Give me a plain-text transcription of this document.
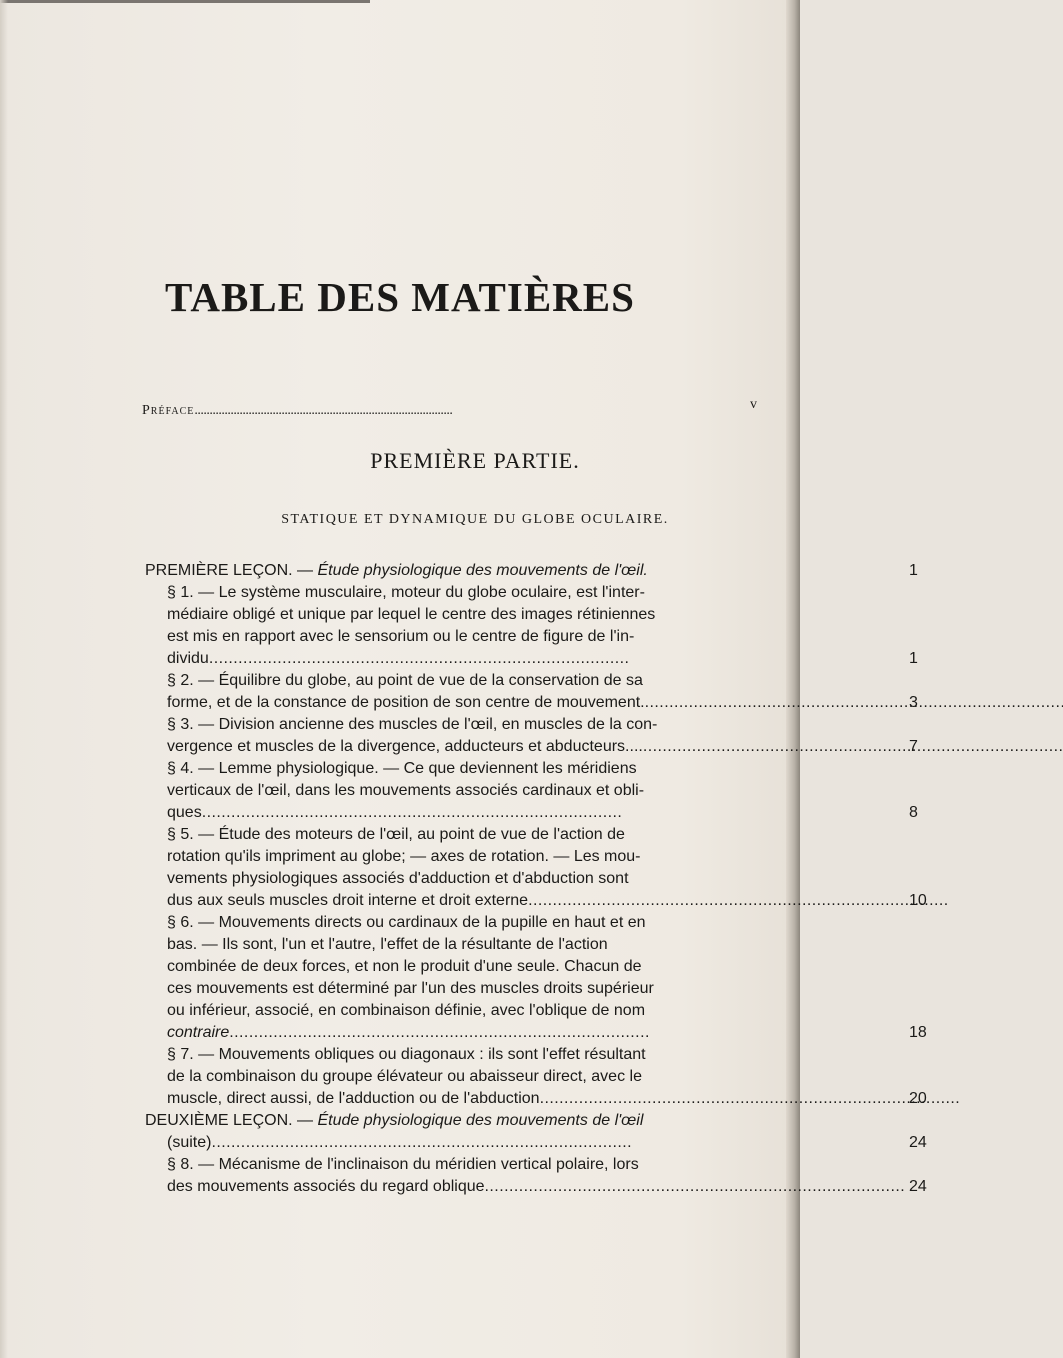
TABLE DES MATIÈRES
Préface . . .	v
PREMIÈRE PARTIE.
STATIQUE ET DYNAMIQUE DU GLOBE OCULAIRE.
PREMIÈRE LEÇON. — Étude physiologique des mouvements de l'œil.	1
§ 1. — Le système musculaire, moteur du globe oculaire, est l'inter-
médiaire obligé et unique par lequel le centre des images rétiniennes
est mis en rapport avec le sensorium ou le centre de figure de l'in-
dividu . . .	1
§ 2. — Équilibre du globe, au point de vue de la conservation de sa
forme, et de la constance de position de son centre de mouvement. . . .	3
§ 3. — Division ancienne des muscles de l'œil, en muscles de la con-
vergence et muscles de la divergence, adducteurs et abducteurs.... . . .	7
§ 4. — Lemme physiologique. — Ce que deviennent les méridiens
verticaux de l'œil, dans les mouvements associés cardinaux et obli-
ques . . .	8
§ 5. — Étude des moteurs de l'œil, au point de vue de l'action de
rotation qu'ils impriment au globe; — axes de rotation. — Les mou-
vements physiologiques associés d'adduction et d'abduction sont
dus aux seuls muscles droit interne et droit externe . . .	10
§ 6. — Mouvements directs ou cardinaux de la pupille en haut et en
bas. — Ils sont, l'un et l'autre, l'effet de la résultante de l'action
combinée de deux forces, et non le produit d'une seule. Chacun de
ces mouvements est déterminé par l'un des muscles droits supérieur
ou inférieur, associé, en combinaison définie, avec l'oblique de nom
contraire . . .	18
§ 7. — Mouvements obliques ou diagonaux : ils sont l'effet résultant
de la combinaison du groupe élévateur ou abaisseur direct, avec le
muscle, direct aussi, de l'adduction ou de l'abduction . . .	20
DEUXIÈME LEÇON. — Étude physiologique des mouvements de l'œil
(suite) . . .	24
§ 8. — Mécanisme de l'inclinaison du méridien vertical polaire, lors
des mouvements associés du regard oblique . . .	24
